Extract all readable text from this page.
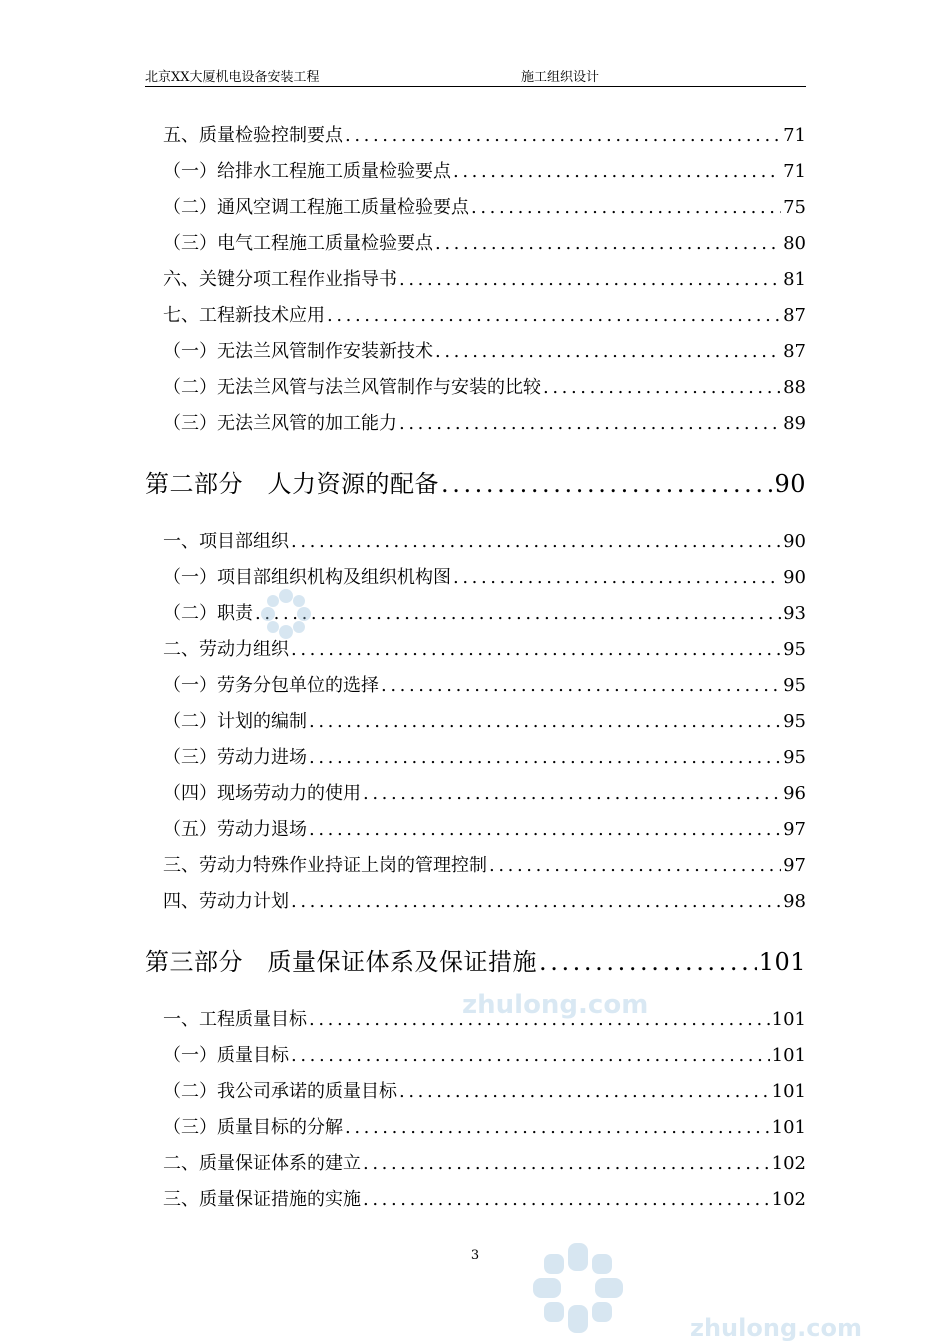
北京XX大厦机电设备安装工程	施工组织设计
五、质量检验控制要点 .....	71
（一）给排水工程施工质量检验要点 .....	71
（二）通风空调工程施工质量检验要点 .....	75
（三）电气工程施工质量检验要点 .....	80
六、关键分项工程作业指导书 .....	81
七、工程新技术应用 .....	87
（一）无法兰风管制作安装新技术 .....	87
（二）无法兰风管与法兰风管制作与安装的比较 .....	88
（三）无法兰风管的加工能力 .....	89
第二部分　人力资源的配备 .....	90
一、项目部组织 .....	90
（一）项目部组织机构及组织机构图 .....	90
（二）职责 .....	93
二、劳动力组织 .....	95
（一）劳务分包单位的选择 .....	95
（二）计划的编制 .....	95
（三）劳动力进场 .....	95
（四）现场劳动力的使用 .....	96
（五）劳动力退场 .....	97
三、劳动力特殊作业持证上岗的管理控制 .....	97
四、劳动力计划 .....	98
第三部分　质量保证体系及保证措施 .....	101
一、工程质量目标 .....	101
（一）质量目标 .....	101
（二）我公司承诺的质量目标 .....	101
（三）质量目标的分解 .....	101
二、质量保证体系的建立 .....	102
三、质量保证措施的实施 .....	102
3
zhulong.com
zhulong.com
